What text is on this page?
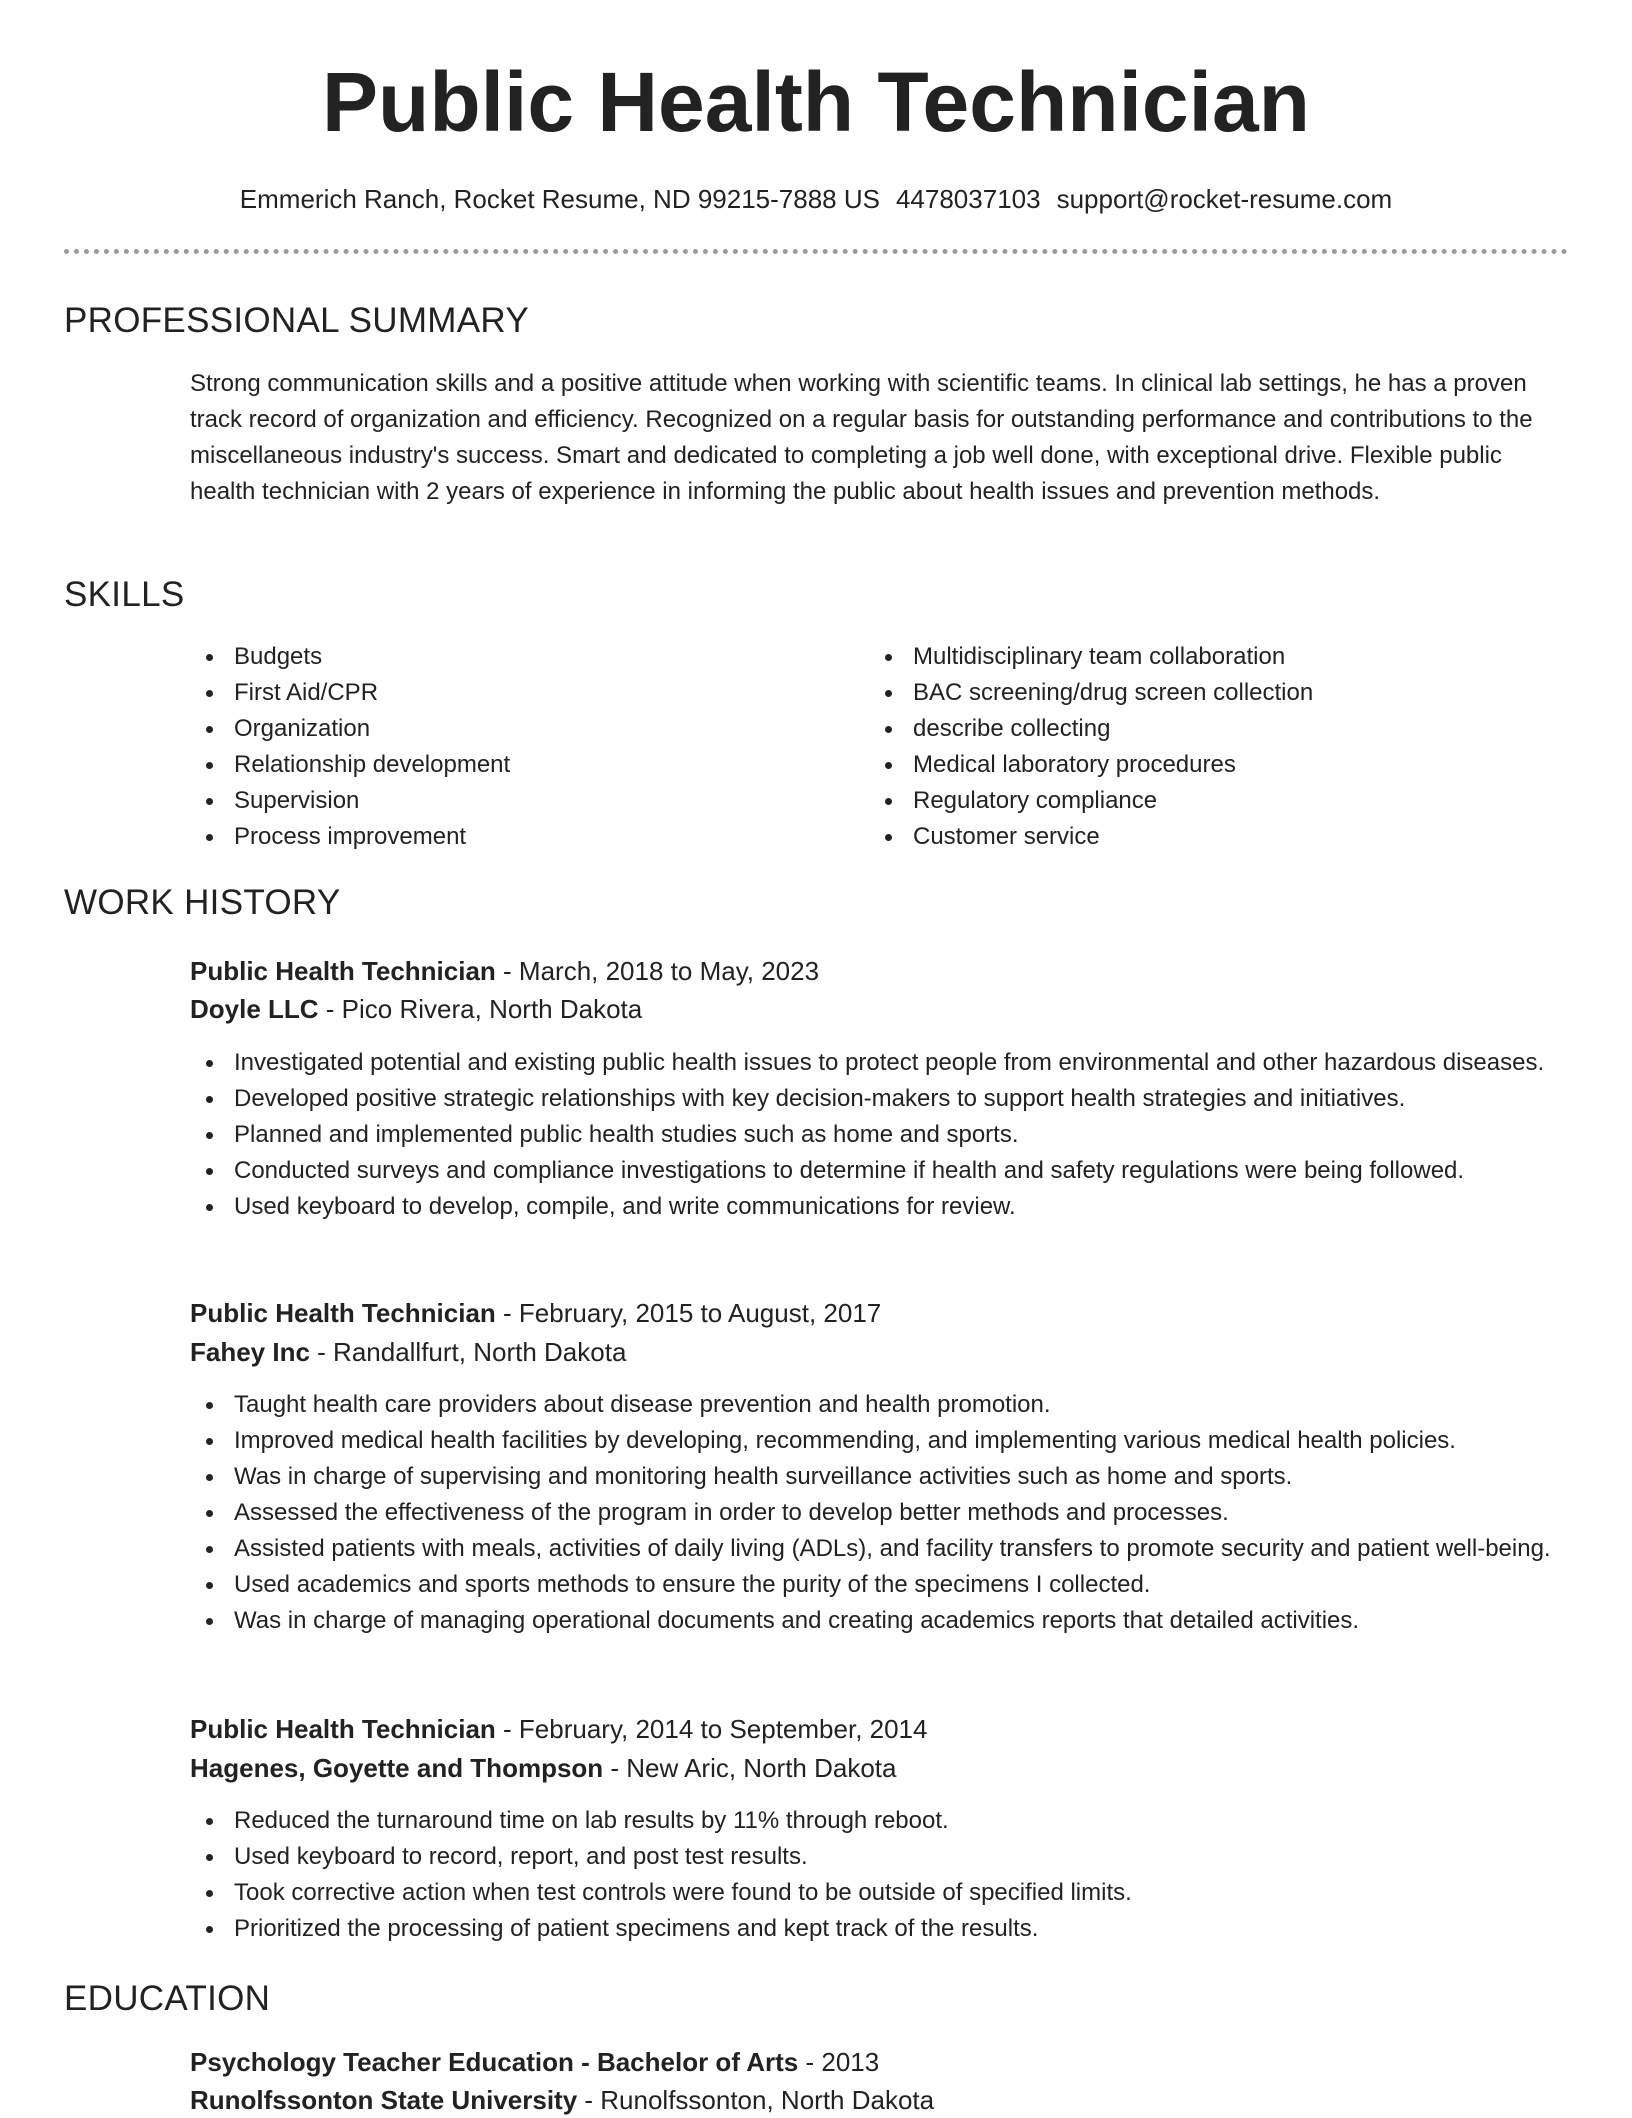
Public Health Technician
Emmerich Ranch, Rocket Resume, ND 99215-7888 US 4478037103 support@rocket-resume.com
PROFESSIONAL SUMMARY
Strong communication skills and a positive attitude when working with scientific teams. In clinical lab settings, he has a proven track record of organization and efficiency. Recognized on a regular basis for outstanding performance and contributions to the miscellaneous industry's success. Smart and dedicated to completing a job well done, with exceptional drive. Flexible public health technician with 2 years of experience in informing the public about health issues and prevention methods.
SKILLS
Budgets
First Aid/CPR
Organization
Relationship development
Supervision
Process improvement
Multidisciplinary team collaboration
BAC screening/drug screen collection
describe collecting
Medical laboratory procedures
Regulatory compliance
Customer service
WORK HISTORY
Public Health Technician - March, 2018 to May, 2023
Doyle LLC - Pico Rivera, North Dakota
Investigated potential and existing public health issues to protect people from environmental and other hazardous diseases.
Developed positive strategic relationships with key decision-makers to support health strategies and initiatives.
Planned and implemented public health studies such as home and sports.
Conducted surveys and compliance investigations to determine if health and safety regulations were being followed.
Used keyboard to develop, compile, and write communications for review.
Public Health Technician - February, 2015 to August, 2017
Fahey Inc - Randallfurt, North Dakota
Taught health care providers about disease prevention and health promotion.
Improved medical health facilities by developing, recommending, and implementing various medical health policies.
Was in charge of supervising and monitoring health surveillance activities such as home and sports.
Assessed the effectiveness of the program in order to develop better methods and processes.
Assisted patients with meals, activities of daily living (ADLs), and facility transfers to promote security and patient well-being.
Used academics and sports methods to ensure the purity of the specimens I collected.
Was in charge of managing operational documents and creating academics reports that detailed activities.
Public Health Technician - February, 2014 to September, 2014
Hagenes, Goyette and Thompson - New Aric, North Dakota
Reduced the turnaround time on lab results by 11% through reboot.
Used keyboard to record, report, and post test results.
Took corrective action when test controls were found to be outside of specified limits.
Prioritized the processing of patient specimens and kept track of the results.
EDUCATION
Psychology Teacher Education - Bachelor of Arts - 2013
Runolfssonton State University - Runolfssonton, North Dakota
